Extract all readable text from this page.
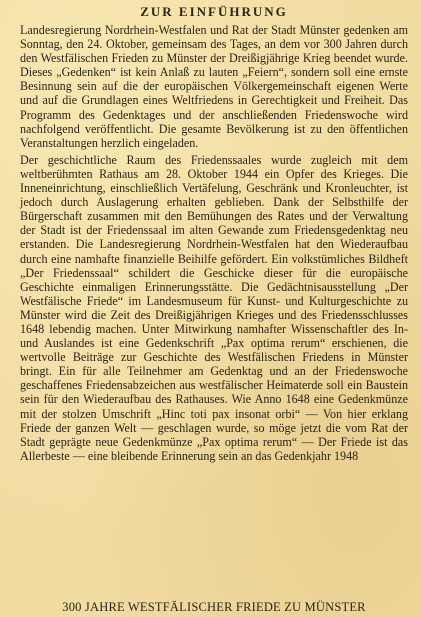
ZUR EINFÜHRUNG

Landesregierung Nordrhein-Westfalen und Rat der Stadt Münster gedenken am Sonntag, den 24. Oktober, gemeinsam des Tages, an dem vor 300 Jahren durch den Westfälischen Frieden zu Münster der Dreißigjährige Krieg beendet wurde. Dieses „Gedenken“ ist kein Anlaß zu lauten „Feiern“, sondern soll eine ernste Besinnung sein auf die der europäischen Völkergemeinschaft eigenen Werte und auf die Grundlagen eines Weltfriedens in Gerechtigkeit und Freiheit. Das Programm des Gedenktages und der anschließenden Friedenswoche wird nachfolgend veröffentlicht. Die gesamte Bevölkerung ist zu den öffentlichen Veranstaltungen herzlich eingeladen.

Der geschichtliche Raum des Friedenssaales wurde zugleich mit dem weltberühmten Rathaus am 28. Oktober 1944 ein Opfer des Krieges. Die Inneneinrichtung, einschließlich Vertäfelung, Geschränk und Kronleuchter, ist jedoch durch Auslagerung erhalten geblieben. Dank der Selbsthilfe der Bürgerschaft zusammen mit den Bemühungen des Rates und der Verwaltung der Stadt ist der Friedenssaal im alten Gewande zum Friedensgedenktag neu erstanden. Die Landesregierung Nordrhein-Westfalen hat den Wiederaufbau durch eine namhafte finanzielle Beihilfe gefördert. Ein volkstümliches Bildheft „Der Friedenssaal“ schildert die Geschicke dieser für die europäische Geschichte einmaligen Erinnerungsstätte. Die Gedächtnisausstellung „Der Westfälische Friede“ im Landesmuseum für Kunst- und Kulturgeschichte zu Münster wird die Zeit des Dreißigjährigen Krieges und des Friedensschlusses 1648 lebendig machen. Unter Mitwirkung namhafter Wissenschaftler des In- und Auslandes ist eine Gedenkschrift „Pax optima rerum“ erschienen, die wertvolle Beiträge zur Geschichte des Westfälischen Friedens in Münster bringt. Ein für alle Teilnehmer am Gedenktag und an der Friedenswoche geschaffenes Friedensabzeichen aus westfälischer Heimaterde soll ein Baustein sein für den Wiederaufbau des Rathauses. Wie Anno 1648 eine Gedenkmünze mit der stolzen Umschrift „Hinc toti pax insonat orbi“ — Von hier erklang Friede der ganzen Welt — geschlagen wurde, so möge jetzt die vom Rat der Stadt geprägte neue Gedenkmünze „Pax optima rerum“ — Der Friede ist das Allerbeste — eine bleibende Erinnerung sein an das Gedenkjahr 1948

300 JAHRE WESTFÄLISCHER FRIEDE ZU MÜNSTER
